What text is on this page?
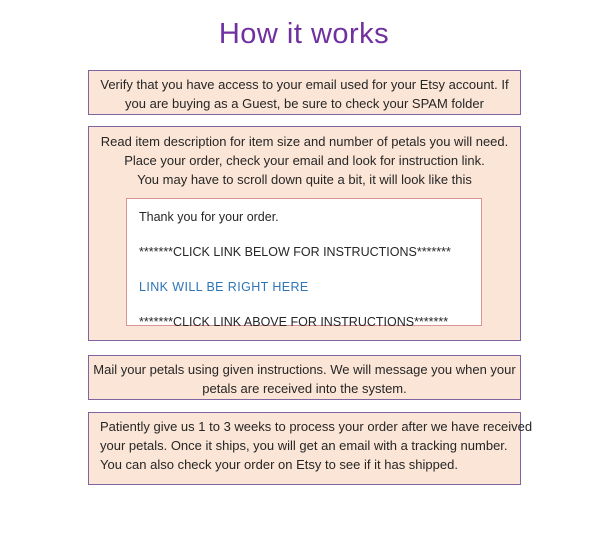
How it works
Verify that you have access to your email used for your Etsy account. If
you are buying as a Guest, be sure to check your SPAM folder
Read item description for item size and number of petals you will need.
Place your order, check your email and look for instruction link.
You may have to scroll down quite a bit, it will look like this
Thank you for your order.
*******CLICK LINK BELOW FOR INSTRUCTIONS*******
LINK WILL BE RIGHT HERE
*******CLICK LINK ABOVE FOR INSTRUCTIONS*******
Mail your petals using given instructions. We will message you when your
petals are received into the system.
Patiently give us 1 to 3 weeks to process your order after we have received
your petals. Once it ships, you will get an email with a tracking number.
You can also check your order on Etsy to see if it has shipped.
